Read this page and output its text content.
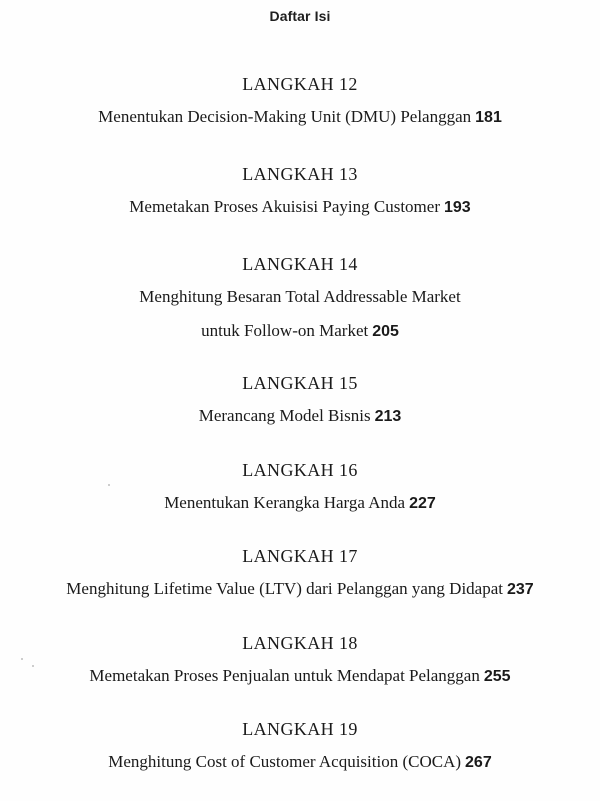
Daftar Isi
LANGKAH 12
Menentukan Decision-Making Unit (DMU) Pelanggan 181
LANGKAH 13
Memetakan Proses Akuisisi Paying Customer 193
LANGKAH 14
Menghitung Besaran Total Addressable Market
untuk Follow-on Market 205
LANGKAH 15
Merancang Model Bisnis 213
LANGKAH 16
Menentukan Kerangka Harga Anda 227
LANGKAH 17
Menghitung Lifetime Value (LTV) dari Pelanggan yang Didapat 237
LANGKAH 18
Memetakan Proses Penjualan untuk Mendapat Pelanggan 255
LANGKAH 19
Menghitung Cost of Customer Acquisition (COCA) 267
